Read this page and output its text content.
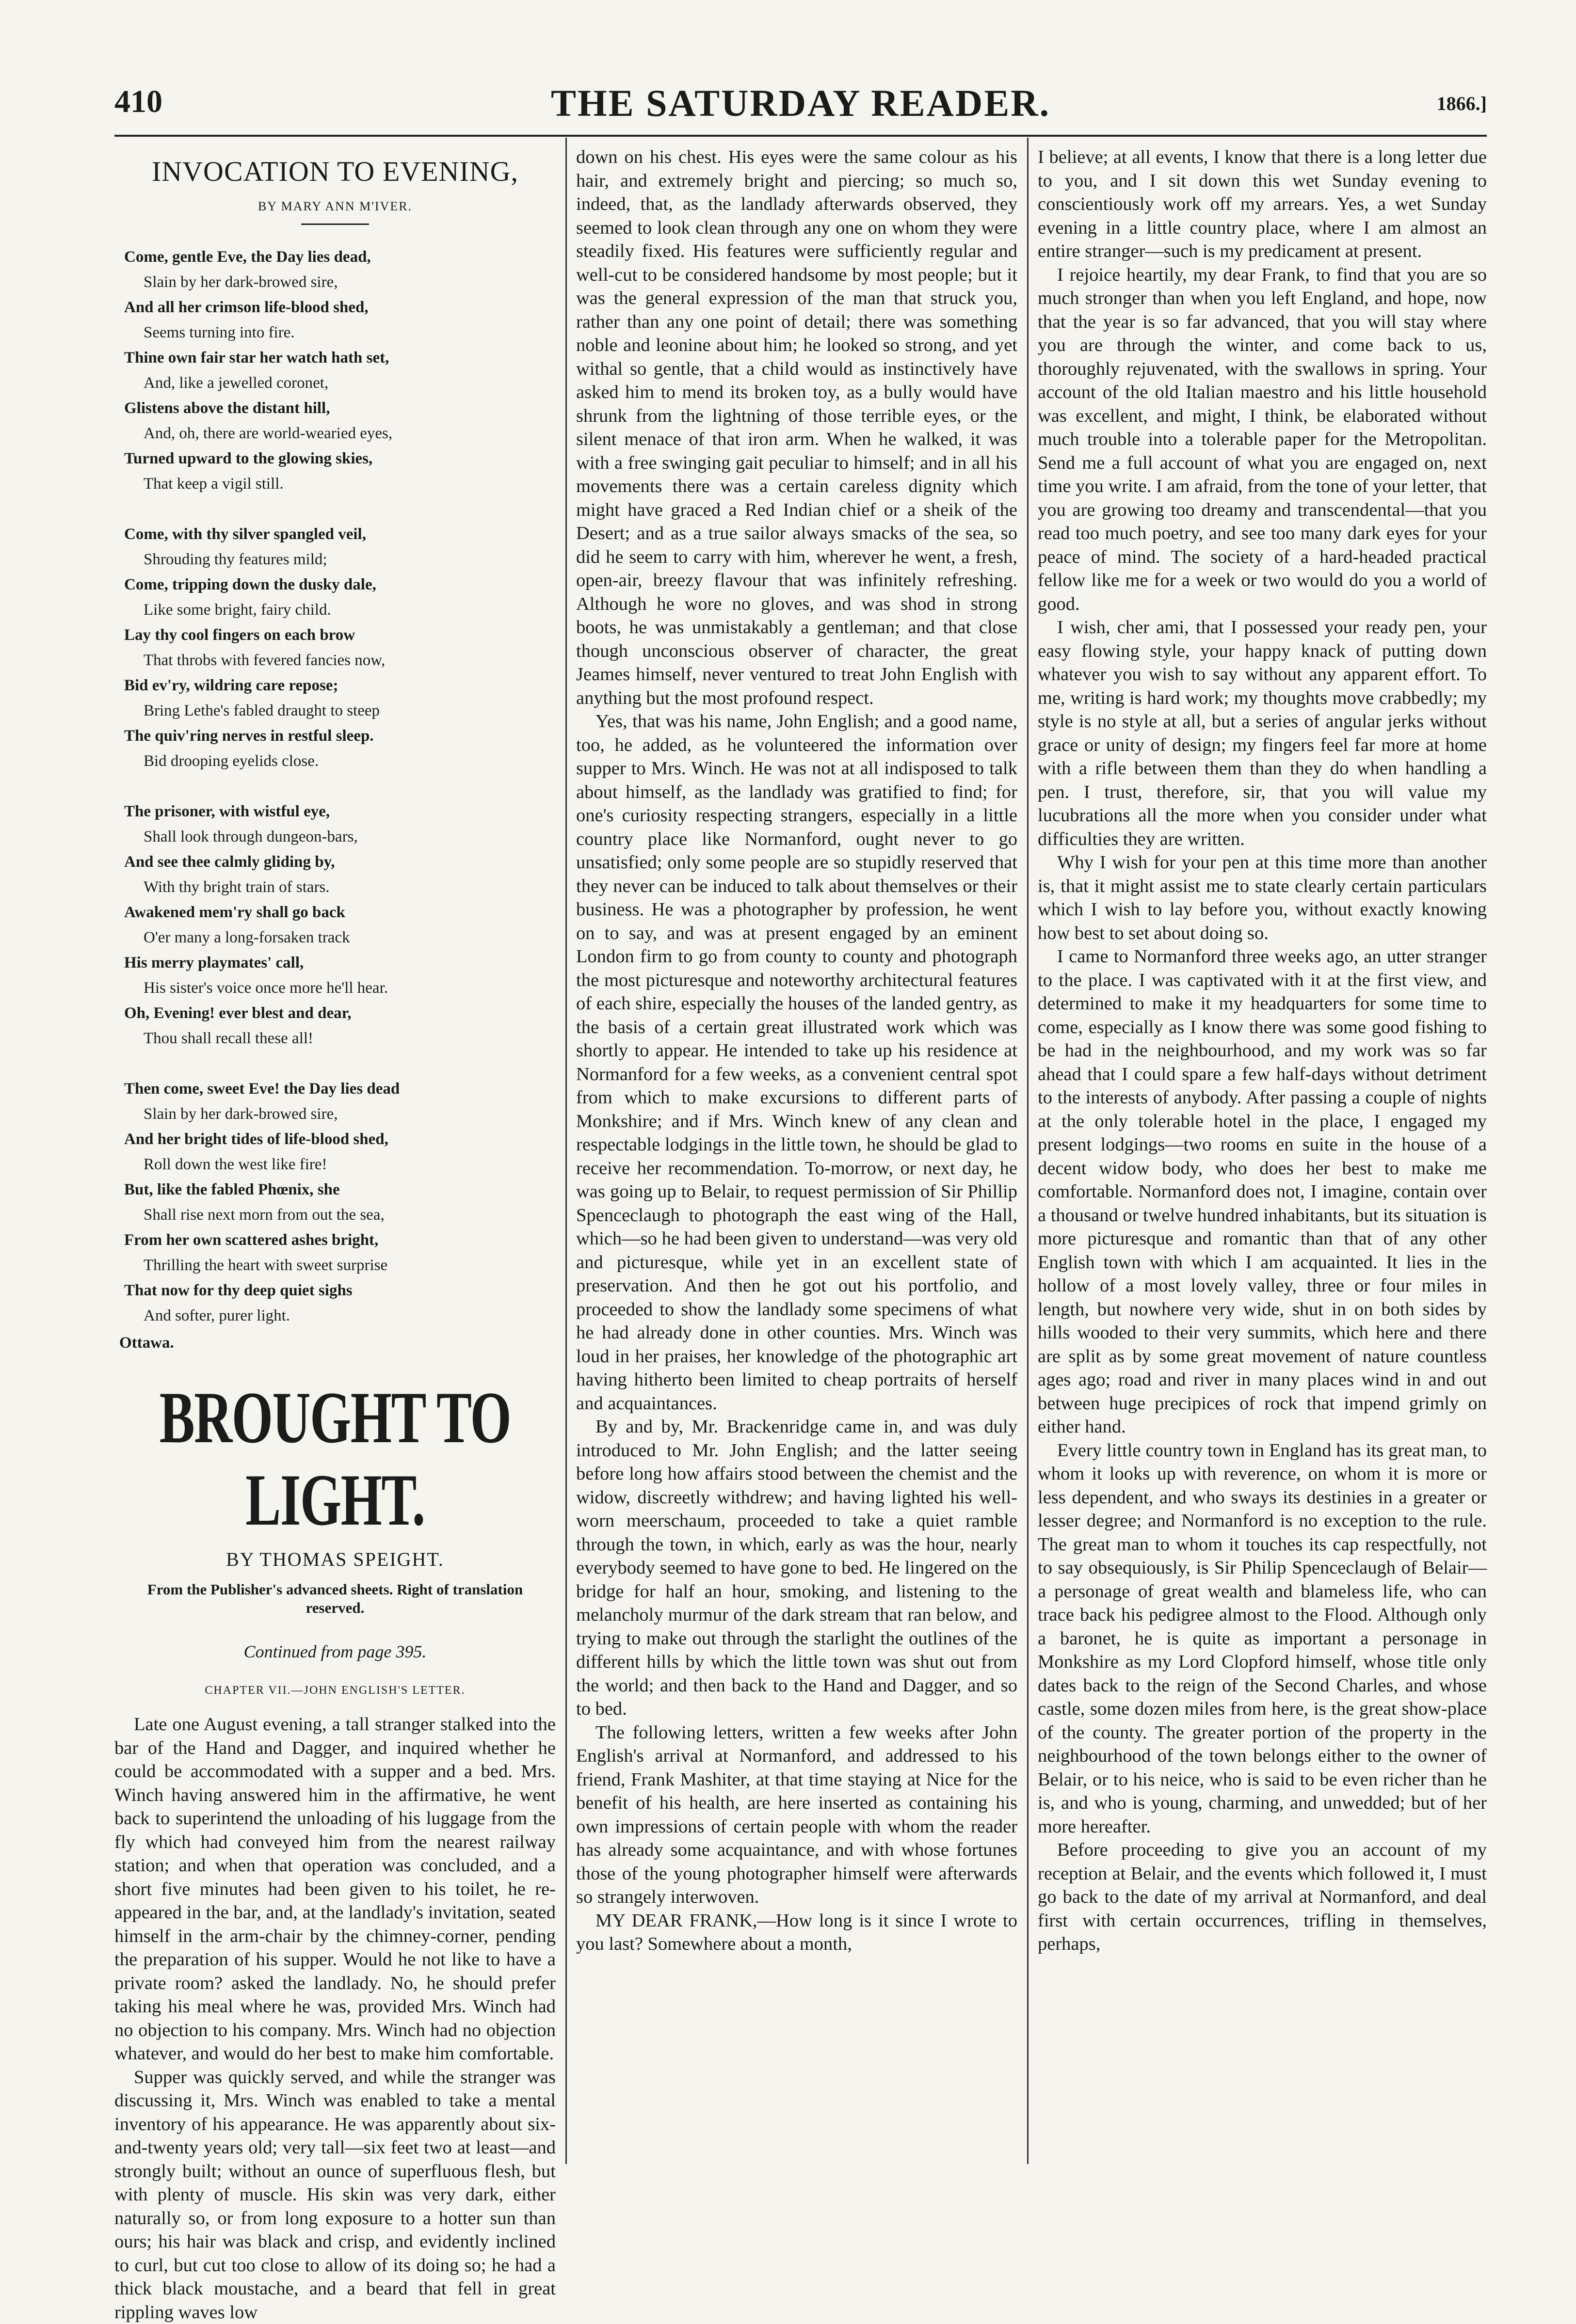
410	THE SATURDAY READER.	1866.]
INVOCATION TO EVENING,
BY MARY ANN M'IVER.
Come, gentle Eve, the Day lies dead,
Slain by her dark-browed sire,
And all her crimson life-blood shed,
Seems turning into fire.
Thine own fair star her watch hath set,
And, like a jewelled coronet,
Glistens above the distant hill,
And, oh, there are world-wearied eyes,
Turned upward to the glowing skies,
That keep a vigil still.
Come, with thy silver spangled veil,
Shrouding thy features mild;
Come, tripping down the dusky dale,
Like some bright, fairy child.
Lay thy cool fingers on each brow
That throbs with fevered fancies now,
Bid ev'ry, wildring care repose;
Bring Lethe's fabled draught to steep
The quiv'ring nerves in restful sleep.
Bid drooping eyelids close.
The prisoner, with wistful eye,
Shall look through dungeon-bars,
And see thee calmly gliding by,
With thy bright train of stars.
Awakened mem'ry shall go back
O'er many a long-forsaken track
His merry playmates' call,
His sister's voice once more he'll hear.
Oh, Evening! ever blest and dear,
Thou shall recall these all!
Then come, sweet Eve! the Day lies dead
Slain by her dark-browed sire,
And her bright tides of life-blood shed,
Roll down the west like fire!
But, like the fabled Phœnix, she
Shall rise next morn from out the sea,
From her own scattered ashes bright,
Thrilling the heart with sweet surprise
That now for thy deep quiet sighs
And softer, purer light.
Ottawa.
BROUGHT TO LIGHT.
BY THOMAS SPEIGHT.
From the Publisher's advanced sheets. Right of translation reserved.
Continued from page 395.
CHAPTER VII.—JOHN ENGLISH'S LETTER.

Late one August evening, a tall stranger stalked into the bar of the Hand and Dagger, and inquired whether he could be accommodated with a supper and a bed. Mrs. Winch having answered him in the affirmative, he went back to superintend the unloading of his luggage from the fly which had conveyed him from the nearest railway station; and when that operation was concluded, and a short five minutes had been given to his toilet, he re-appeared in the bar, and, at the landlady's invitation, seated himself in the arm-chair by the chimney-corner, pending the preparation of his supper. Would he not like to have a private room? asked the landlady. No, he should prefer taking his meal where he was, provided Mrs. Winch had no objection to his company. Mrs. Winch had no objection whatever, and would do her best to make him comfortable.

Supper was quickly served, and while the stranger was discussing it, Mrs. Winch was enabled to take a mental inventory of his appearance. He was apparently about six-and-twenty years old; very tall—six feet two at least—and strongly built; without an ounce of superfluous flesh, but with plenty of muscle. His skin was very dark, either naturally so, or from long exposure to a hotter sun than ours; his hair was black and crisp, and evidently inclined to curl, but cut too close to allow of its doing so; he had a thick black moustache, and a beard that fell in great rippling waves low

down on his chest. His eyes were the same colour as his hair, and extremely bright and piercing; so much so, indeed, that, as the landlady afterwards observed, they seemed to look clean through any one on whom they were steadily fixed. His features were sufficiently regular and well-cut to be considered handsome by most people; but it was the general expression of the man that struck you, rather than any one point of detail; there was something noble and leonine about him; he looked so strong, and yet withal so gentle, that a child would as instinctively have asked him to mend its broken toy, as a bully would have shrunk from the lightning of those terrible eyes, or the silent menace of that iron arm. When he walked, it was with a free swinging gait peculiar to himself; and in all his movements there was a certain careless dignity which might have graced a Red Indian chief or a sheik of the Desert; and as a true sailor always smacks of the sea, so did he seem to carry with him, wherever he went, a fresh, open-air, breezy flavour that was infinitely refreshing. Although he wore no gloves, and was shod in strong boots, he was unmistakably a gentleman; and that close though unconscious observer of character, the great Jeames himself, never ventured to treat John English with anything but the most profound respect.

Yes, that was his name, John English; and a good name, too, he added, as he volunteered the information over supper to Mrs. Winch. He was not at all indisposed to talk about himself, as the landlady was gratified to find; for one's curiosity respecting strangers, especially in a little country place like Normanford, ought never to go unsatisfied; only some people are so stupidly reserved that they never can be induced to talk about themselves or their business. He was a photographer by profession, he went on to say, and was at present engaged by an eminent London firm to go from county to county and photograph the most picturesque and noteworthy architectural features of each shire, especially the houses of the landed gentry, as the basis of a certain great illustrated work which was shortly to appear. He intended to take up his residence at Normanford for a few weeks, as a convenient central spot from which to make excursions to different parts of Monkshire; and if Mrs. Winch knew of any clean and respectable lodgings in the little town, he should be glad to receive her recommendation. To-morrow, or next day, he was going up to Belair, to request permission of Sir Phillip Spenceclaugh to photograph the east wing of the Hall, which—so he had been given to understand—was very old and picturesque, while yet in an excellent state of preservation. And then he got out his portfolio, and proceeded to show the landlady some specimens of what he had already done in other counties. Mrs. Winch was loud in her praises, her knowledge of the photographic art having hitherto been limited to cheap portraits of herself and acquaintances.

By and by, Mr. Brackenridge came in, and was duly introduced to Mr. John English; and the latter seeing before long how affairs stood between the chemist and the widow, discreetly withdrew; and having lighted his well-worn meerschaum, proceeded to take a quiet ramble through the town, in which, early as was the hour, nearly everybody seemed to have gone to bed. He lingered on the bridge for half an hour, smoking, and listening to the melancholy murmur of the dark stream that ran below, and trying to make out through the starlight the outlines of the different hills by which the little town was shut out from the world; and then back to the Hand and Dagger, and so to bed.

The following letters, written a few weeks after John English's arrival at Normanford, and addressed to his friend, Frank Mashiter, at that time staying at Nice for the benefit of his health, are here inserted as containing his own impressions of certain people with whom the reader has already some acquaintance, and with whose fortunes those of the young photographer himself were afterwards so strangely interwoven.

MY DEAR FRANK,—How long is it since I wrote to you last? Somewhere about a month,

I believe; at all events, I know that there is a long letter due to you, and I sit down this wet Sunday evening to conscientiously work off my arrears. Yes, a wet Sunday evening in a little country place, where I am almost an entire stranger—such is my predicament at present.

I rejoice heartily, my dear Frank, to find that you are so much stronger than when you left England, and hope, now that the year is so far advanced, that you will stay where you are through the winter, and come back to us, thoroughly rejuvenated, with the swallows in spring. Your account of the old Italian maestro and his little household was excellent, and might, I think, be elaborated without much trouble into a tolerable paper for the Metropolitan. Send me a full account of what you are engaged on, next time you write. I am afraid, from the tone of your letter, that you are growing too dreamy and transcendental—that you read too much poetry, and see too many dark eyes for your peace of mind. The society of a hard-headed practical fellow like me for a week or two would do you a world of good.

I wish, cher ami, that I possessed your ready pen, your easy flowing style, your happy knack of putting down whatever you wish to say without any apparent effort. To me, writing is hard work; my thoughts move crabbedly; my style is no style at all, but a series of angular jerks without grace or unity of design; my fingers feel far more at home with a rifle between them than they do when handling a pen. I trust, therefore, sir, that you will value my lucubrations all the more when you consider under what difficulties they are written.

Why I wish for your pen at this time more than another is, that it might assist me to state clearly certain particulars which I wish to lay before you, without exactly knowing how best to set about doing so.

I came to Normanford three weeks ago, an utter stranger to the place. I was captivated with it at the first view, and determined to make it my headquarters for some time to come, especially as I know there was some good fishing to be had in the neighbourhood, and my work was so far ahead that I could spare a few half-days without detriment to the interests of anybody. After passing a couple of nights at the only tolerable hotel in the place, I engaged my present lodgings—two rooms en suite in the house of a decent widow body, who does her best to make me comfortable. Normanford does not, I imagine, contain over a thousand or twelve hundred inhabitants, but its situation is more picturesque and romantic than that of any other English town with which I am acquainted. It lies in the hollow of a most lovely valley, three or four miles in length, but nowhere very wide, shut in on both sides by hills wooded to their very summits, which here and there are split as by some great movement of nature countless ages ago; road and river in many places wind in and out between huge precipices of rock that impend grimly on either hand.

Every little country town in England has its great man, to whom it looks up with reverence, on whom it is more or less dependent, and who sways its destinies in a greater or lesser degree; and Normanford is no exception to the rule. The great man to whom it touches its cap respectfully, not to say obsequiously, is Sir Philip Spenceclaugh of Belair—a personage of great wealth and blameless life, who can trace back his pedigree almost to the Flood. Although only a baronet, he is quite as important a personage in Monkshire as my Lord Clopford himself, whose title only dates back to the reign of the Second Charles, and whose castle, some dozen miles from here, is the great show-place of the county. The greater portion of the property in the neighbourhood of the town belongs either to the owner of Belair, or to his neice, who is said to be even richer than he is, and who is young, charming, and unwedded; but of her more hereafter.

Before proceeding to give you an account of my reception at Belair, and the events which followed it, I must go back to the date of my arrival at Normanford, and deal first with certain occurrences, trifling in themselves, perhaps,
